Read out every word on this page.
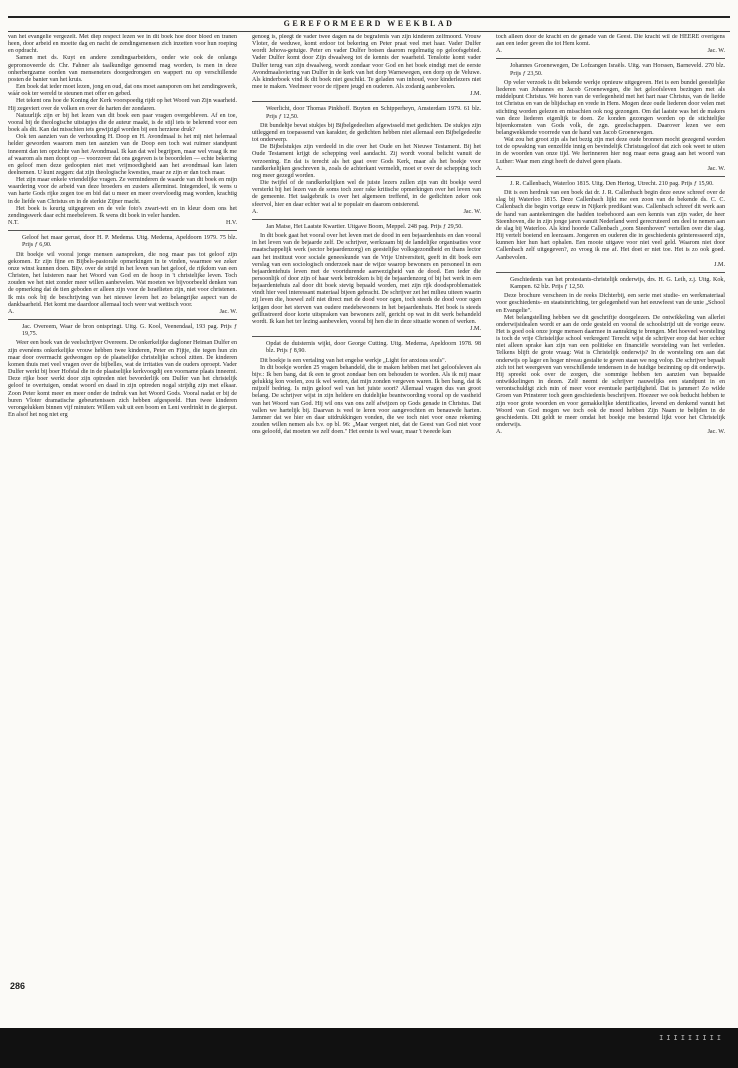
GEREFORMEERD WEEKBLAD

van het evangelie vergezelt. Met diep respect lezen we in dit boek hoe door bloed en tranen heen, door arbeid en moeite dag en nacht de zendingsmensen zich inzetten voor hun roeping en opdracht.

Samen met ds. Kuyt en andere zendingsarbeiders, onder wie ook de onlangs gepromoveerde dr. Chr. Fahner als taalkundige genoemd mag worden, is men in deze onherbergzame oorden van menseneters doorgedrongen en wappert nu op verschillende posten de banier van het kruis.

Een boek dat ieder moet lezen, jong en oud, dat ons moet aansporen om het zendingswerk, wáár ook ter wereld te steunen met offer en gebed.

Het tekent ons hoe de Koning der Kerk voorspoedig rijdt op het Woord van Zijn waarheid. Hij zegeviert over de volken en over de harten der zondaren.

Natuurlijk zijn er bij het lezen van dit boek een paar vragen overgebleven. Af en toe, vooral bij de theologische uitstapjes die de auteur maakt, is de stijl iets te belerend voor een boek als dit. Kan dat misschien iets gewijzigd worden bij een herziene druk?

Ook ten aanzien van de verhouding H. Doop en H. Avondmaal is het mij niet helemaal helder geworden waarom men ten aanzien van de Doop een toch wat ruimer standpunt inneemt dan ten opzichte van het Avondmaal. Ik kan dat wel begrijpen, maar wel vraag ik me af waarom als men doopt op — voorzover dat ons gegeven is te beoordelen — echte bekering en geloof men deze gedoopten niet met vrijmoedigheid aan het avondmaal kan laten deelnemen. U kunt zeggen: dat zijn theologische kwesties, maar ze zijn er dan toch maar.

Het zijn maar enkele vriendelijke vragen. Ze verminderen de waarde van dit boek en mijn waardering voor de arbeid van deze broeders en zusters allerminst. Integendeel, ik wens u van harte Gods rijke zegen toe en bid dat u meer en meer overvloedig mag worden, krachtig in de liefde van Christus en in de sterkte Zijner macht.

Het boek is keurig uitgegeven en de vele foto's zwart-wit en in kleur doen ons het zendingswerk daar echt meebeleven. Ik wens dit boek in veler handen.

N.T.	H.V.
Geloof het maar gerust, door H. P. Medema. Uitg. Medema, Apeldoorn 1979. 75 blz. Prijs ƒ 6,90.

Dit boekje wil vooral jonge mensen aanspreken, die nog maar pas tot geloof zijn gekomen. Er zijn fijne en Bijbels-pastorale opmerkingen in te vinden, waarmee we zeker onze winst kunnen doen. Bijv. over de strijd in het leven van het geloof, de rijkdom van een Christen, het luisteren naar het Woord van God en de hoop in 't christelijke leven. Toch zouden we het niet zonder meer willen aanbevelen. Wat moeten we bijvoorbeeld denken van de opmerking dat de tien geboden er alleen zijn voor de Israëlieten zijn, niet voor christenen. Ik mis ook bij de beschrijving van het nieuwe leven het zo belangrijke aspect van de dankbaarheid. Het komt me daardoor allemaal toch weer wat wettisch voor.

A.	Jac. W.
Jac. Overeem, Waar de bron ontspringt. Uitg. G. Kool, Veenendaal, 193 pag. Prijs ƒ 19,75.

Weer een boek van de veelschrijver Overeem. De onkerkelijke dagloner Heiman Dulfer en zijn evenéens onkerkelijke vrouw hebben twee kinderen, Peter en Fijtje, die tegen hun zin maar door overmacht gedwongen op de plaatselijke christelijke school zitten. De kinderen komen thuis met veel vragen over de bijbelles, wat de irritaties van de ouders oproept. Vader Dulfer werkt bij boer Hofstal die in de plaatselijke kerkvoogdij een voorname plaats inneemt. Deze rijke boer werkt door zijn optreden niet bevorderlijk om Dulfer van het christelijk geloof te overtuigen, omdat woord en daad in zijn optreden nogal strijdig zijn met elkaar. Zoon Peter komt meer en meer onder de indruk van het Woord Gods. Vooral nadat er bij de buren Vloter dramatische gebeurtenissen zich hebben afgespeeld. Hun twee kinderen verongelukken binnen vijf minuten: Willem valt uit een boom en Leni verdrinkt in de gierput. En alsof het nog niet erg

genoeg is, pleegt de vader twee dagen na de begrafenis van zijn kinderen zelfmoord. Vrouw Vloter, de weduwe, komt erdoor tot bekering en Peter praat veel met haar. Vader Dulfer wordt Jehova-getuige. Peter en vader Dulfer botsen daarom regelmatig op geloofsgebied. Vader Dulfer komt door Zijn dwaalweg tot de kennis der waarheid. Tenslotte komt vader Dulfer terug van zijn dwaalweg, wordt zondaar voor God en het boek eindigt met de eerste Avondmaalsviering van Dulfer in de kerk van het dorp Warnewegen, een dorp op de Veluwe. Als kinderboek vind ik dit boek niet geschikt. Te geladen van inhoud, voor kinderlezers niet mee te maken. Veelmeer voor de rijpere jeugd en ouderen. Als zodanig aanbevolen.

J.M.
Weerlicht, door Thomas Pinkhoff. Buyten en Schipperheyn, Amsterdam 1979. 61 blz. Prijs ƒ 12,50.

Dit bundeltje bevat stukjes bij Bijbelgedeelten afgewisseld met gedichten. De stukjes zijn uitleggend en toepassend van karakter, de gedichten hebben niet allemaal een Bijbelgedeelte tot onderwerp.

De Bijbelstukjes zijn verdeeld in die over het Oude en het Nieuwe Testament. Bij het Oude Testament krijgt de schepping veel aandacht. Zij wordt vooral belicht vanuit de verzoening. En dat is terecht als het gaat over Gods Kerk, maar als het boekje voor randkerkelijken geschreven is, zoals de achterkant vermeldt, moet er over de schepping toch nog meer gezegd worden.

Die twijfel of de randkerkelijken wel de juiste lezers zullen zijn van dit boekje werd versterkt bij het lezen van de soms toch zeer rake kritische opmerkingen over het leven van de gemeente. Het taalgebruik is over het algemeen treffend, in de gedichten zeker ook sfeervol, hier en daar echter wat al te populair en daarom ontsierend.

A.	Jac. W.
Jan Matse, Het Laatste Kwartier. Uitgave Boom, Meppel. 248 pag. Prijs ƒ 29,50.

In dit boek gaat het vooral over het leven met de dood in een bejaardenhuis en dan vooral in het leven van de bejaarde zelf. De schrijver, werkzaam bij de landelijke organisaties voor maatschappelijk werk (sector bejaardenzorg) en geestelijke volksgezondheid en thans lector aan het instituut voor sociale geneeskunde van de Vrije Universiteit, geeft in dit boek een verslag van een sociologisch onderzoek naar de wijze waarop bewoners en personeel in een bejaardentehuis leven met de voortdurende aanwezigheid van de dood. Een ieder die persoonlijk of door zijn of haar werk betrokken is bij de bejaardenzorg of bij het werk in een bejaardentehuis zal door dit boek stevig bepaald worden, met zijn rijk doodsproblematiek vindt hier veel interessant materiaal bijeen gebracht. De schrijver zet het milieu uiteen waarin zij leven die, hoewel zelf niet direct met de dood voor ogen, toch steeds de dood voor ogen krijgen door het sterven van oudere medebewoners in het bejaardenhuis. Het boek is steeds geïllustreerd door korte uitspraken van bewoners zelf, gericht op wat in dit werk behandeld wordt. Ik kan het ter lezing aanbevelen, vooral bij hen die in deze situatie wonen of werken.

J.M.
Opdat de duisternis wijkt, door George Cutting. Uitg. Medema, Apeldoorn 1978. 98 blz. Prijs ƒ 8,90.

Dit boekje is een vertaling van het engelse werkje „Light for anxious souls".

In dit boekje worden 25 vragen behandeld, die te maken hebben met het geloofsleven als bijv.: Ik ben bang, dat ik een te groot zondaar ben om behouden te worden. Als ik mij maar gelukkig kon voelen, zou ik wel weten, dat mijn zonden vergeven waren. Ik ben bang, dat ik mijzelf bedrieg. Is mijn geloof wel van het juiste soort? Allemaal vragen dus van groot belang. De schrijver wijst in zijn heldere en duidelijke beantwoording vooral op de vastheid van het Woord van God. Hij wil ons van ons zelf afwijzen op Gods genade in Christus. Dat vallen we hartelijk bij. Daarvan is veel te leren voor aangevochten en benauwde harten. Jammer dat we hier en daar uitdrukkingen vonden, die we toch niet voor onze rekening zouden willen nemen als b.v. op bl. 96: „Maar vergeet niet, dat de Geest van God niet voor ons geloofd, dat moeten we zelf doen." Het eerste is wel waar, maar 't tweede kan

toch alleen door de kracht en de genade van de Geest. Die kracht wil de HEERE overigens aan een ieder geven die tot Hem komt.

A.	Jac. W.
Johannes Groenewegen, De Lofzangen Israëls. Uitg. van Horssen, Barneveld. 270 blz. Prijs ƒ 23,50.

Op veler verzoek is dit bekende werkje opnieuw uitgegeven. Het is een bundel geestelijke liederen van Johannes en Jacob Groenewegen, die het geloofsleven bezingen met als middelpunt Christus. We horen van de verlegenheid met het hart naar Christus, van de liefde tot Christus en van de blijdschap en vrede in Hem. Mogen deze oude liederen door velen met stichting worden gelezen en misschien ook nog gezongen. Om dat laatste was het de makers van deze liederen eigenlijk te doen. Ze konden gezongen worden op de stichtelijke bijeenkomsten van Gods volk, de zgn. gezelschappen. Daarover lezen we een belangwekkende voorrede van de hand van Jacob Groenewegen.

Wat zou het groot zijn als het bezig zijn met deze oude bronnen mocht gezegend worden tot de opwaking van eenzelfde innig en bevindelijk Christusgeloof dat zich ook weet te uiten in de woorden van onze tijd. We herinneren hier nog maar eens graag aan het woord van Luther: Waar men zingt heeft de duivel geen plaats.

A.	Jac. W.
J. R. Callenbach, Waterloo 1815. Uitg. Den Hertog, Utrecht. 210 pag. Prijs ƒ 15,90.

Dit is een herdruk van een boek dat dr. J. R. Callenbach begin deze eeuw schreef over de slag bij Waterloo 1815. Deze Callenbach lijkt me een zoon van de bekende ds. C. C. Callenbach die begin vorige eeuw in Nijkerk predikant was. Callenbach schreef dit werk aan de hand van aantekeningen die hadden toebehoord aan een kennis van zijn vader, de heer Steenhoven, die in zijn jonge jaren vanuit Nederland werd gerecruteerd om deel te nemen aan de slag bij Waterloo. Als kind hoorde Callenbach „oom Steenhoven" vertellen over die slag. Hij vertelt boeiend en leerzaam. Jongeren en ouderen die in geschiedenis geïnteresseerd zijn, kunnen hier hun hart ophalen. Een mooie uitgave voor niet veel geld. Waarom niet door Callenbach zelf uitgegeven?, zo vroeg ik me af. Het doet er niet toe. Het is zo ook goed. Aanbevolen.

J.M.
Geschiedenis van het protestants-christelijk onderwijs, drs. H. G. Leih, z.j. Uitg. Kok, Kampen. 62 blz. Prijs ƒ 12,50.

Deze brochure verscheen in de reeks Dichterbij, een serie met studie- en werkmateriaal voor geschiedenis- en staatsinrichting, ter gelegenheid van het eeuwfeest van de unie „School en Evangelie".

Met belangstelling hebben we dit geschriftje doorgelezen. De ontwikkeling van allerlei onderwijsidealen wordt er aan de orde gesteld en vooral de schoolstrijd uit de vorige eeuw. Het is goed ook onze jonge mensen daarmee in aanraking te brengen. Met hoeveel worsteling is toch de vrije Christelijke school verkregen! Terecht wijst de schrijver erop dat hier echter niet alleen sprake kan zijn van een politieke en financiële worsteling van het verleden. Telkens blijft de grote vraag: Wat is Christelijk onderwijs? In de worsteling om aan dat onderwijs op lager en hoger niveau gestalte te geven staan we nog volop. De schrijver bepaalt zich tot het weergeven van verschillende tendensen in de huidige bezinning op dit onderwijs. Hij spreekt ook over de zorgen, die sommige hebben ten aanzien van bepaalde ontwikkelingen in dezen. Zelf neemt de schrijver nauwelijks een standpunt in en verontschuldigt zich min of meer voor eventuele partijdigheid. Dat is jammer! Zo wilde Groen van Prinsterer toch geen geschiedenis beschrijven. Hoezeer we ook beducht hebben te zijn voor grote woorden en voor gemakkelijke identificaties, levend en denkend vanuit het Woord van God mogen we toch ook de moed hebben Zijn Naam te belijden in de geschiedenis. Dit geldt te meer omdat het boekje me bestemd lijkt voor het Christelijk onderwijs.

A.	Jac. W.
286
IIIIIIIII
